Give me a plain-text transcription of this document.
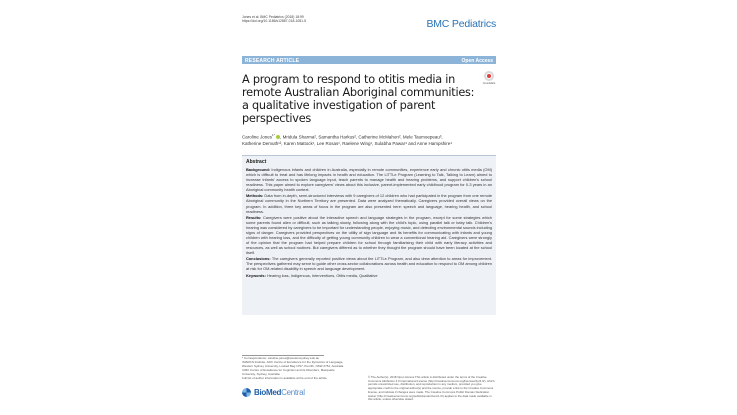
Jones et al. BMC Pediatrics (2018) 18:99
https://doi.org/10.1186/s12887-018-1081-5	BMC Pediatrics
RESEARCH ARTICLE	Open Access
A program to respond to otitis media in remote Australian Aboriginal communities: a qualitative investigation of parent perspectives
CrossMark
Caroline Jones$^{1*}$ , Mridula Sharma², Samantha Harkus², Catherine McMahon², Mele Taumoepeau³,
Katherine Demuth¹², Karen Mattock¹, Lee Rosas¹, Raelene Wing¹, Sulabha Pawar⁴ and Anne Hampshire⁴
Abstract

Background: Indigenous infants and children in Australia, especially in remote communities, experience early and chronic otitis media (OM) which is difficult to treat and has lifelong impacts in health and education. The LiTTLe Program (Learning to Talk, Talking to Learn) aimed to increase infants' access to spoken language input, teach parents to manage health and hearing problems, and support children's school readiness. This paper aimed to explore caregivers' views about this inclusive, parent-implemented early childhood program for 0-3 years in an Aboriginal community health context.

Methods: Data from in-depth, semi-structured interviews with 9 caregivers of 12 children who had participated in the program from one remote Aboriginal community in the Northern Territory are presented. Data were analyzed thematically. Caregivers provided overall views on the program. In addition, three key areas of focus in the program are also presented here: speech and language, hearing health, and school readiness.

Results: Caregivers were positive about the interactive speech and language strategies in the program, except for some strategies which some parents found alien or difficult, such as talking slowly, following along with the child's topic, using parallel talk or baby talk. Children's hearing was considered by caregivers to be important for understanding people, enjoying music, and detecting environmental sounds including signs of danger. Caregivers provided perspectives on the utility of sign language and its benefits for communicating with infants and young children with hearing loss, and the difficulty of getting young community children to wear a conventional hearing aid. Caregivers were strongly of the opinion that the program had helped prepare children for school through familiarising their child with early literacy activities and resources, as well as school routines. But caregivers differed as to whether they thought the program should have been located at the school itself.

Conclusions: The caregivers generally reported positive views about the LiTTLe Program, and also drew attention to areas for improvement. The perspectives gathered may serve to guide other cross-sector collaborations across health and education to respond to OM among children at risk for OM-related disability in speech and language development.

Keywords: Hearing loss, Indigenous, Interventions, Otitis media, Qualitative

* Correspondence: caroline.jones@westernsydney.edu.au
¹MARCS Institute, ARC Centre of Excellence for the Dynamics of Language,
Western Sydney University, Locked Bag 1797, Penrith, NSW 2751, Australia
²ARC Centre of Excellence for Cognition and its Disorders, Macquarie
University, Sydney, Australia
Full list of author information is available at the end of the article
BioMedCentral
© The Author(s). 2018 Open Access This article is distributed under the terms of the Creative Commons Attribution 4.0 International License (http://creativecommons.org/licenses/by/4.0/), which permits unrestricted use, distribution, and reproduction in any medium, provided you give appropriate credit to the original author(s) and the source, provide a link to the Creative Commons license, and indicate if changes were made. The Creative Commons Public Domain Dedication waiver (http://creativecommons.org/publicdomain/zero/1.0/) applies to the data made available in this article, unless otherwise stated.
